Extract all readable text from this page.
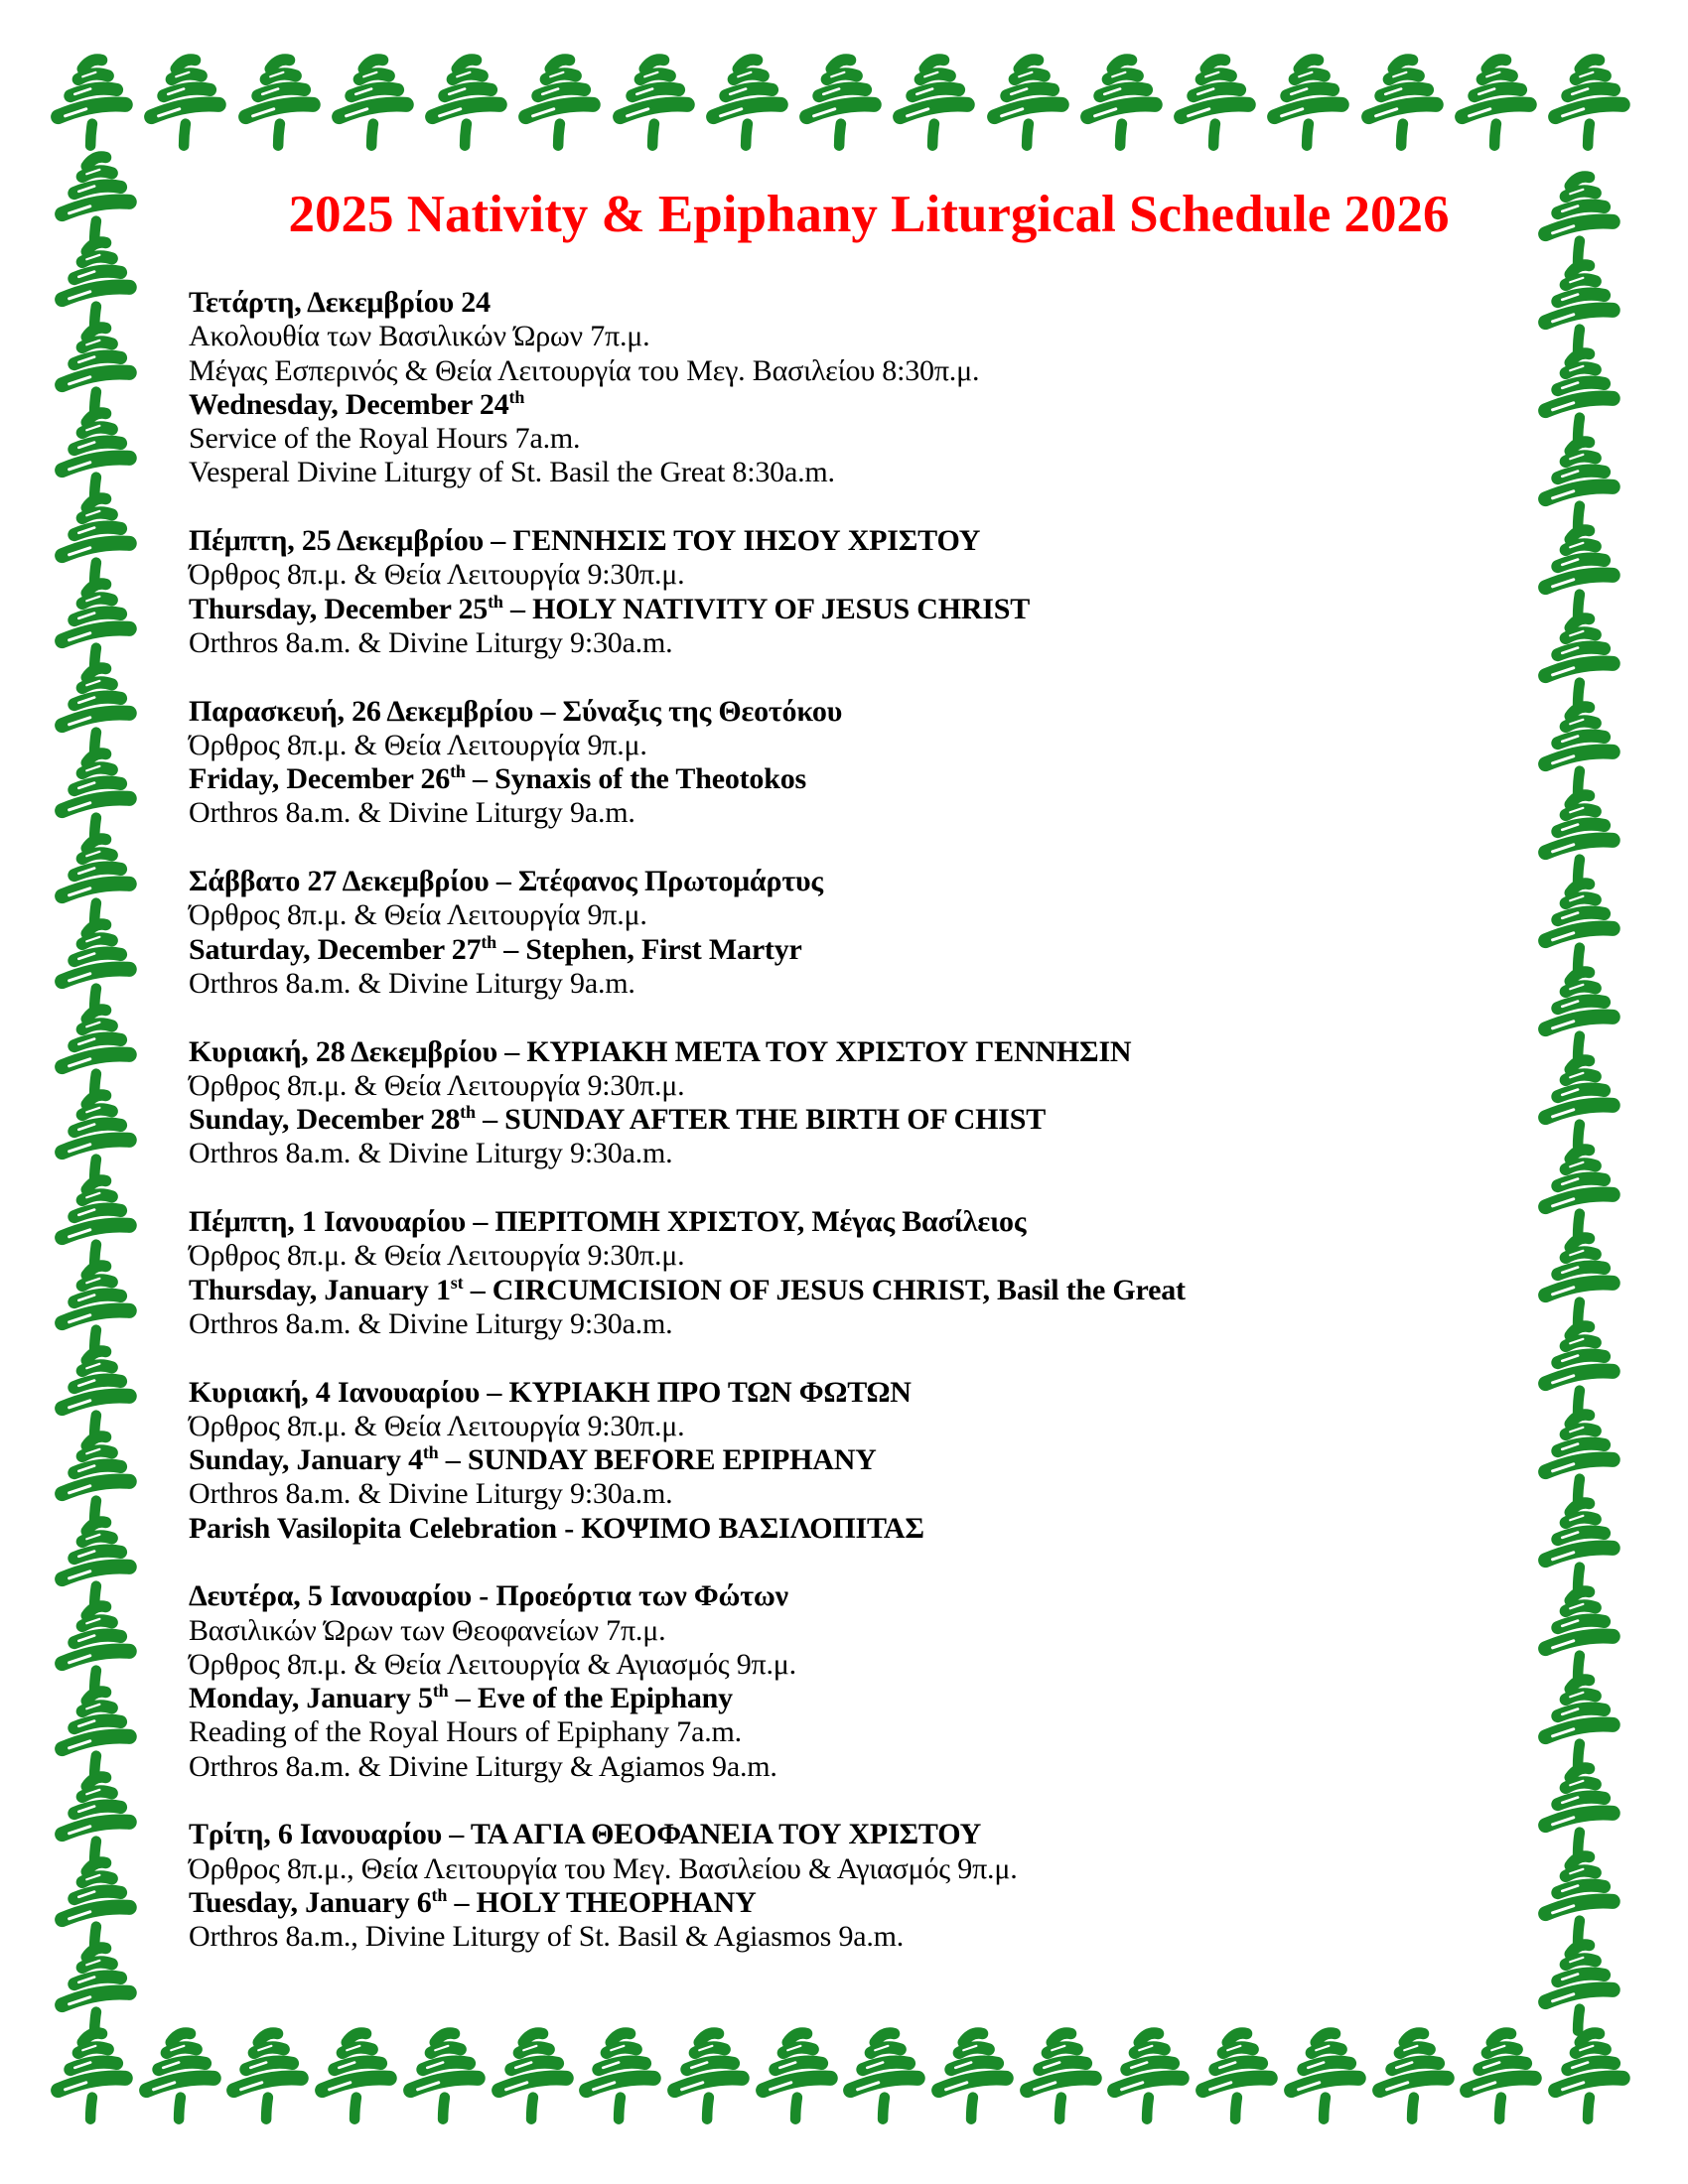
2025 Nativity & Epiphany Liturgical Schedule 2026
Τετάρτη, Δεκεμβρίου 24
Ακολουθία των Βασιλικών Ώρων 7π.μ.
Μέγας Εσπερινός & Θεία Λειτουργία του Μεγ. Βασιλείου 8:30π.μ.
Wednesday, December 24th
Service of the Royal Hours 7a.m.
Vesperal Divine Liturgy of St. Basil the Great 8:30a.m.
Πέμπτη, 25 Δεκεμβρίου – ΓΕΝΝΗΣΙΣ ΤΟΥ ΙΗΣΟΥ ΧΡΙΣΤΟΥ
Όρθρος 8π.μ. & Θεία Λειτουργία 9:30π.μ.
Thursday, December 25th – HOLY NATIVITY OF JESUS CHRIST
Orthros 8a.m. & Divine Liturgy 9:30a.m.
Παρασκευή, 26 Δεκεμβρίου – Σύναξις της Θεοτόκου
Όρθρος 8π.μ. & Θεία Λειτουργία 9π.μ.
Friday, December 26th – Synaxis of the Theotokos
Orthros 8a.m. & Divine Liturgy 9a.m.
Σάββατο 27 Δεκεμβρίου – Στέφανος Πρωτομάρτυς
Όρθρος 8π.μ. & Θεία Λειτουργία 9π.μ.
Saturday, December 27th – Stephen, First Martyr
Orthros 8a.m. & Divine Liturgy 9a.m.
Κυριακή, 28 Δεκεμβρίου – ΚΥΡΙΑΚΗ ΜΕΤΑ ΤΟΥ ΧΡΙΣΤΟΥ ΓΕΝΝΗΣΙΝ
Όρθρος 8π.μ. & Θεία Λειτουργία 9:30π.μ.
Sunday, December 28th – SUNDAY AFTER THE BIRTH OF CHIST
Orthros 8a.m. & Divine Liturgy 9:30a.m.
Πέμπτη, 1 Ιανουαρίου – ΠΕΡΙΤΟΜΗ ΧΡΙΣΤΟΥ, Μέγας Βασίλειος
Όρθρος 8π.μ. & Θεία Λειτουργία 9:30π.μ.
Thursday, January 1st – CIRCUMCISION OF JESUS CHRIST, Basil the Great
Orthros 8a.m. & Divine Liturgy 9:30a.m.
Κυριακή, 4 Ιανουαρίου – ΚΥΡΙΑΚΗ ΠΡΟ ΤΩΝ ΦΩΤΩΝ
Όρθρος 8π.μ. & Θεία Λειτουργία 9:30π.μ.
Sunday, January 4th – SUNDAY BEFORE EPIPHANY
Orthros 8a.m. & Divine Liturgy 9:30a.m.
Parish Vasilopita Celebration - ΚΟΨΙΜΟ ΒΑΣΙΛΟΠΙΤΑΣ
Δευτέρα, 5 Ιανουαρίου - Προεόρτια των Φώτων
Βασιλικών Ώρων των Θεοφανείων 7π.μ.
Όρθρος 8π.μ. & Θεία Λειτουργία & Αγιασμός 9π.μ.
Monday, January 5th – Eve of the Epiphany
Reading of the Royal Hours of Epiphany 7a.m.
Orthros 8a.m. & Divine Liturgy & Agiamos 9a.m.
Τρίτη, 6 Ιανουαρίου – ΤΑ ΑΓΙΑ ΘΕΟΦΑΝΕΙΑ ΤΟΥ ΧΡΙΣΤΟΥ
Όρθρος 8π.μ., Θεία Λειτουργία του Μεγ. Βασιλείου & Αγιασμός 9π.μ.
Tuesday, January 6th – HOLY THEOPHANY
Orthros 8a.m., Divine Liturgy of St. Basil & Agiasmos 9a.m.
